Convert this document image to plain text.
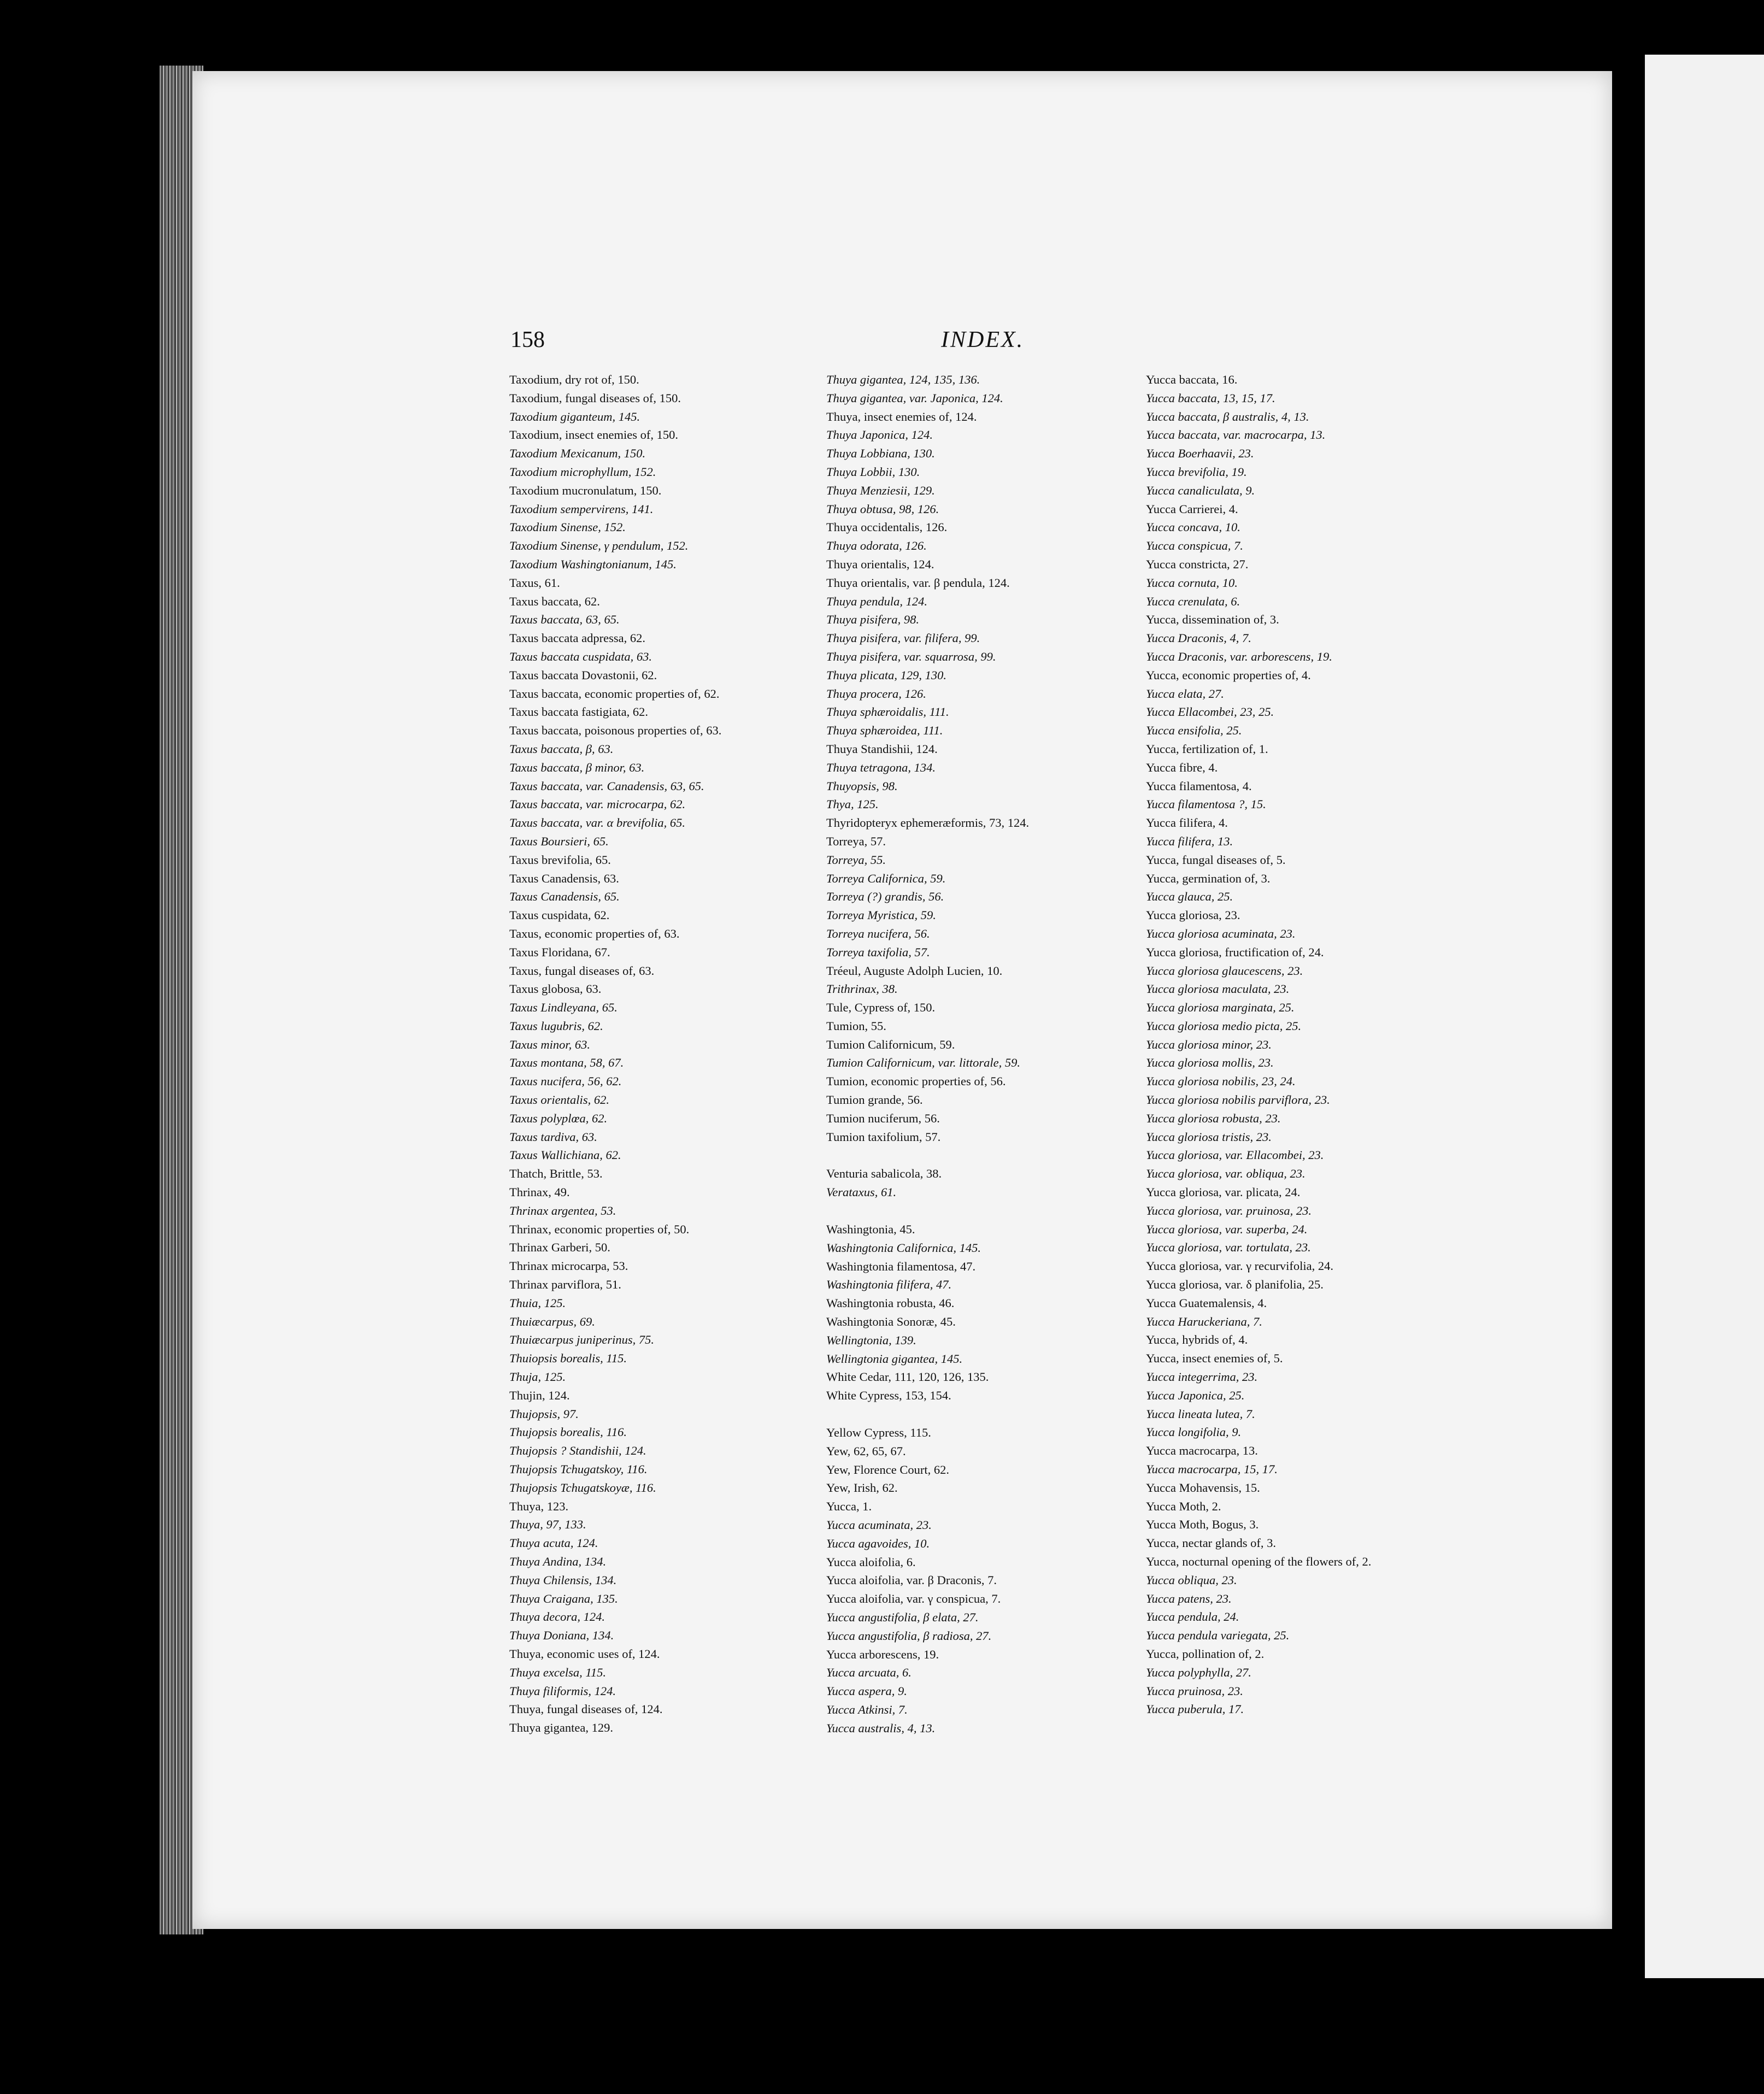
158	INDEX.
Taxodium, dry rot of, 150.
Taxodium, fungal diseases of, 150.
Taxodium giganteum, 145.
Taxodium, insect enemies of, 150.
Taxodium Mexicanum, 150.
Taxodium microphyllum, 152.
Taxodium mucronulatum, 150.
Taxodium sempervirens, 141.
Taxodium Sinense, 152.
Taxodium Sinense, γ pendulum, 152.
Taxodium Washingtonianum, 145.
Taxus, 61.
Taxus baccata, 62.
Taxus baccata, 63, 65.
Taxus baccata adpressa, 62.
Taxus baccata cuspidata, 63.
Taxus baccata Dovastonii, 62.
Taxus baccata, economic properties of, 62.
Taxus baccata fastigiata, 62.
Taxus baccata, poisonous properties of, 63.
Taxus baccata, β, 63.
Taxus baccata, β minor, 63.
Taxus baccata, var. Canadensis, 63, 65.
Taxus baccata, var. microcarpa, 62.
Taxus baccata, var. α brevifolia, 65.
Taxus Boursieri, 65.
Taxus brevifolia, 65.
Taxus Canadensis, 63.
Taxus Canadensis, 65.
Taxus cuspidata, 62.
Taxus, economic properties of, 63.
Taxus Floridana, 67.
Taxus, fungal diseases of, 63.
Taxus globosa, 63.
Taxus Lindleyana, 65.
Taxus lugubris, 62.
Taxus minor, 63.
Taxus montana, 58, 67.
Taxus nucifera, 56, 62.
Taxus orientalis, 62.
Taxus polyplœa, 62.
Taxus tardiva, 63.
Taxus Wallichiana, 62.
Thatch, Brittle, 53.
Thrinax, 49.
Thrinax argentea, 53.
Thrinax, economic properties of, 50.
Thrinax Garberi, 50.
Thrinax microcarpa, 53.
Thrinax parviflora, 51.
Thuia, 125.
Thuiæcarpus, 69.
Thuiæcarpus juniperinus, 75.
Thuiopsis borealis, 115.
Thuja, 125.
Thujin, 124.
Thujopsis, 97.
Thujopsis borealis, 116.
Thujopsis ? Standishii, 124.
Thujopsis Tchugatskoy, 116.
Thujopsis Tchugatskoyæ, 116.
Thuya, 123.
Thuya, 97, 133.
Thuya acuta, 124.
Thuya Andina, 134.
Thuya Chilensis, 134.
Thuya Craigana, 135.
Thuya decora, 124.
Thuya Doniana, 134.
Thuya, economic uses of, 124.
Thuya excelsa, 115.
Thuya filiformis, 124.
Thuya, fungal diseases of, 124.
Thuya gigantea, 129.
Thuya gigantea, 124, 135, 136.
Thuya gigantea, var. Japonica, 124.
Thuya, insect enemies of, 124.
Thuya Japonica, 124.
Thuya Lobbiana, 130.
Thuya Lobbii, 130.
Thuya Menziesii, 129.
Thuya obtusa, 98, 126.
Thuya occidentalis, 126.
Thuya odorata, 126.
Thuya orientalis, 124.
Thuya orientalis, var. β pendula, 124.
Thuya pendula, 124.
Thuya pisifera, 98.
Thuya pisifera, var. filifera, 99.
Thuya pisifera, var. squarrosa, 99.
Thuya plicata, 129, 130.
Thuya procera, 126.
Thuya sphæroidalis, 111.
Thuya sphæroidea, 111.
Thuya Standishii, 124.
Thuya tetragona, 134.
Thuyopsis, 98.
Thya, 125.
Thyridopteryx ephemeræformis, 73, 124.
Torreya, 57.
Torreya, 55.
Torreya Californica, 59.
Torreya (?) grandis, 56.
Torreya Myristica, 59.
Torreya nucifera, 56.
Torreya taxifolia, 57.
Tréeul, Auguste Adolph Lucien, 10.
Trithrinax, 38.
Tule, Cypress of, 150.
Tumion, 55.
Tumion Californicum, 59.
Tumion Californicum, var. littorale, 59.
Tumion, economic properties of, 56.
Tumion grande, 56.
Tumion nuciferum, 56.
Tumion taxifolium, 57.
Venturia sabalicola, 38.
Verataxus, 61.
Washingtonia, 45.
Washingtonia Californica, 145.
Washingtonia filamentosa, 47.
Washingtonia filifera, 47.
Washingtonia robusta, 46.
Washingtonia Sonoræ, 45.
Wellingtonia, 139.
Wellingtonia gigantea, 145.
White Cedar, 111, 120, 126, 135.
White Cypress, 153, 154.
Yellow Cypress, 115.
Yew, 62, 65, 67.
Yew, Florence Court, 62.
Yew, Irish, 62.
Yucca, 1.
Yucca acuminata, 23.
Yucca agavoides, 10.
Yucca aloifolia, 6.
Yucca aloifolia, var. β Draconis, 7.
Yucca aloifolia, var. γ conspicua, 7.
Yucca angustifolia, β elata, 27.
Yucca angustifolia, β radiosa, 27.
Yucca arborescens, 19.
Yucca arcuata, 6.
Yucca aspera, 9.
Yucca Atkinsi, 7.
Yucca australis, 4, 13.
Yucca baccata, 16.
Yucca baccata, 13, 15, 17.
Yucca baccata, β australis, 4, 13.
Yucca baccata, var. macrocarpa, 13.
Yucca Boerhaavii, 23.
Yucca brevifolia, 19.
Yucca canaliculata, 9.
Yucca Carrierei, 4.
Yucca concava, 10.
Yucca conspicua, 7.
Yucca constricta, 27.
Yucca cornuta, 10.
Yucca crenulata, 6.
Yucca, dissemination of, 3.
Yucca Draconis, 4, 7.
Yucca Draconis, var. arborescens, 19.
Yucca, economic properties of, 4.
Yucca elata, 27.
Yucca Ellacombei, 23, 25.
Yucca ensifolia, 25.
Yucca, fertilization of, 1.
Yucca fibre, 4.
Yucca filamentosa, 4.
Yucca filamentosa ?, 15.
Yucca filifera, 4.
Yucca filifera, 13.
Yucca, fungal diseases of, 5.
Yucca, germination of, 3.
Yucca glauca, 25.
Yucca gloriosa, 23.
Yucca gloriosa acuminata, 23.
Yucca gloriosa, fructification of, 24.
Yucca gloriosa glaucescens, 23.
Yucca gloriosa maculata, 23.
Yucca gloriosa marginata, 25.
Yucca gloriosa medio picta, 25.
Yucca gloriosa minor, 23.
Yucca gloriosa mollis, 23.
Yucca gloriosa nobilis, 23, 24.
Yucca gloriosa nobilis parviflora, 23.
Yucca gloriosa robusta, 23.
Yucca gloriosa tristis, 23.
Yucca gloriosa, var. Ellacombei, 23.
Yucca gloriosa, var. obliqua, 23.
Yucca gloriosa, var. plicata, 24.
Yucca gloriosa, var. pruinosa, 23.
Yucca gloriosa, var. superba, 24.
Yucca gloriosa, var. tortulata, 23.
Yucca gloriosa, var. γ recurvifolia, 24.
Yucca gloriosa, var. δ planifolia, 25.
Yucca Guatemalensis, 4.
Yucca Haruckeriana, 7.
Yucca, hybrids of, 4.
Yucca, insect enemies of, 5.
Yucca integerrima, 23.
Yucca Japonica, 25.
Yucca lineata lutea, 7.
Yucca longifolia, 9.
Yucca macrocarpa, 13.
Yucca macrocarpa, 15, 17.
Yucca Mohavensis, 15.
Yucca Moth, 2.
Yucca Moth, Bogus, 3.
Yucca, nectar glands of, 3.
Yucca, nocturnal opening of the flowers of, 2.
Yucca obliqua, 23.
Yucca patens, 23.
Yucca pendula, 24.
Yucca pendula variegata, 25.
Yucca, pollination of, 2.
Yucca polyphylla, 27.
Yucca pruinosa, 23.
Yucca puberula, 17.
